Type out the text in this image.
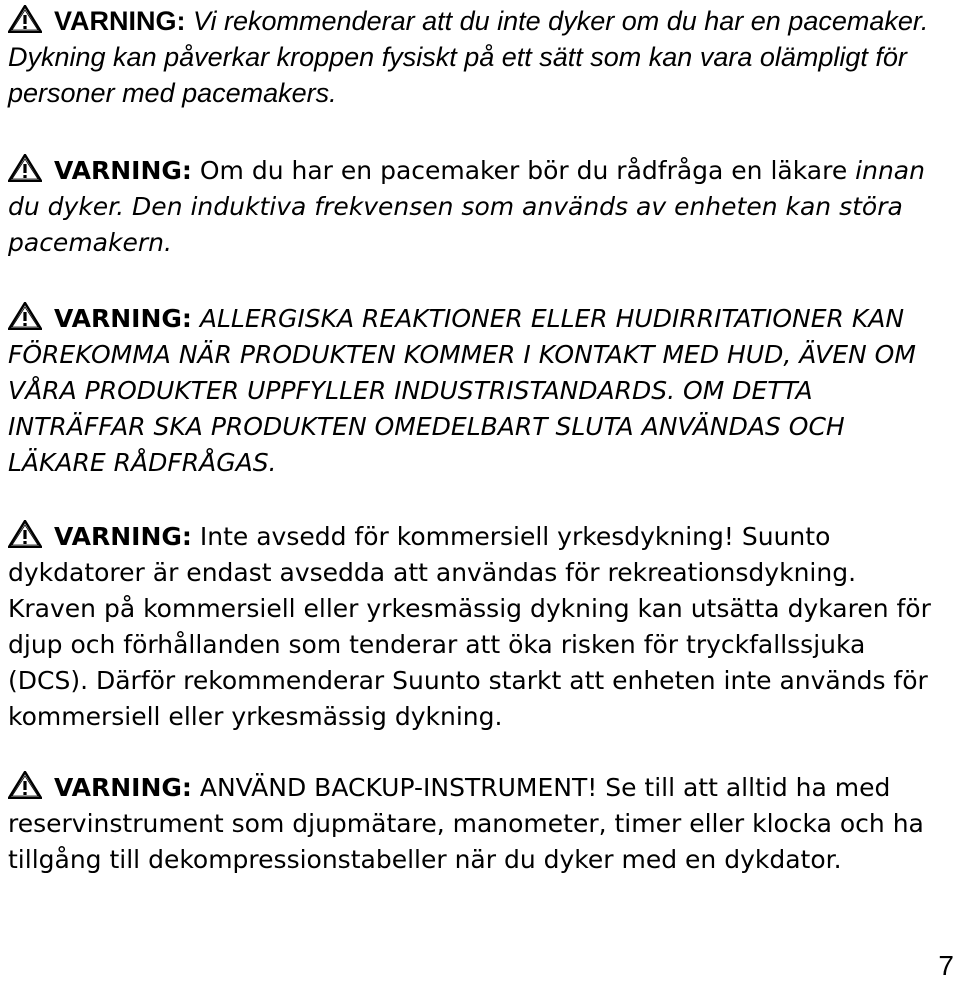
VARNING: Vi rekommenderar att du inte dyker om du har en pacemaker. Dykning kan påverkar kroppen fysiskt på ett sätt som kan vara olämpligt för personer med pacemakers.

VARNING: Om du har en pacemaker bör du rådfråga en läkare innan du dyker. Den induktiva frekvensen som används av enheten kan störa pacemakern.

VARNING: ALLERGISKA REAKTIONER ELLER HUDIRRITATIONER KAN FÖREKOMMA NÄR PRODUKTEN KOMMER I KONTAKT MED HUD, ÄVEN OM VÅRA PRODUKTER UPPFYLLER INDUSTRISTANDARDS. OM DETTA INTRÄFFAR SKA PRODUKTEN OMEDELBART SLUTA ANVÄNDAS OCH LÄKARE RÅDFRÅGAS.

VARNING: Inte avsedd för kommersiell yrkesdykning! Suunto dykdatorer är endast avsedda att användas för rekreationsdykning. Kraven på kommersiell eller yrkesmässig dykning kan utsätta dykaren för djup och förhållanden som tenderar att öka risken för tryckfallssjuka (DCS). Därför rekommenderar Suunto starkt att enheten inte används för kommersiell eller yrkesmässig dykning.

VARNING: ANVÄND BACKUP-INSTRUMENT! Se till att alltid ha med reservinstrument som djupmätare, manometer, timer eller klocka och ha tillgång till dekompressionstabeller när du dyker med en dykdator.

7
